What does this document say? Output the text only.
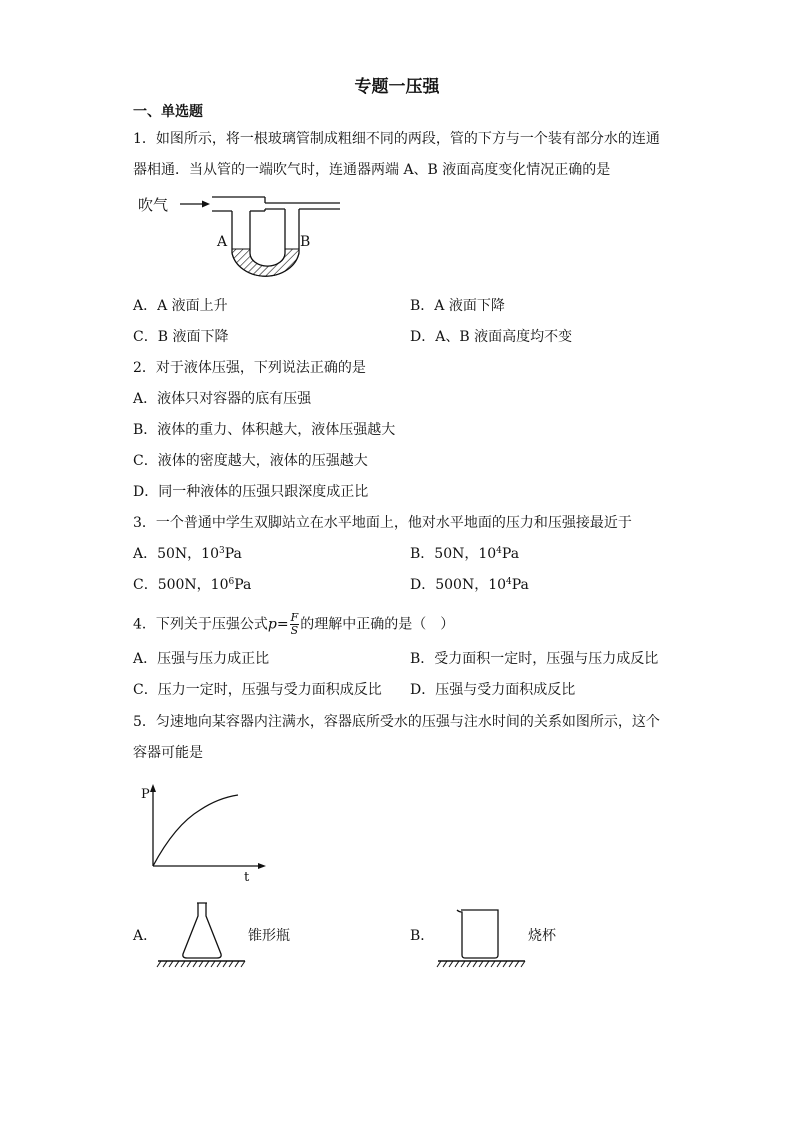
专题一压强
一、单选题
1．如图所示，将一根玻璃管制成粗细不同的两段，管的下方与一个装有部分水的连通
器相通．当从管的一端吹气时，连通器两端 A、B 液面高度变化情况正确的是
吹气
A	B
A．A 液面上升	B．A 液面下降
C．B 液面下降	D．A、B 液面高度均不变
2．对于液体压强，下列说法正确的是
A．液体只对容器的底有压强
B．液体的重力、体积越大，液体压强越大
C．液体的密度越大，液体的压强越大
D．同一种液体的压强只跟深度成正比
3．一个普通中学生双脚站立在水平地面上，他对水平地面的压力和压强接最近于
A．50N，$10^3Pa$	B．50N，$10^4Pa$
C．500N，$10^6Pa$	D．500N，$10^4Pa$
4．下列关于压强公式$p= \frac{F}{S}$ 的理解中正确的是（　）
A．压强与压力成正比	B．受力面积一定时，压强与压力成反比
C．压力一定时，压强与受力面积成反比 D．压强与受力面积成反比
5．匀速地向某容器内注满水，容器底所受水的压强与注水时间的关系如图所示，这个
容器可能是
P
t
A．	锥形瓶	B．	烧杯
